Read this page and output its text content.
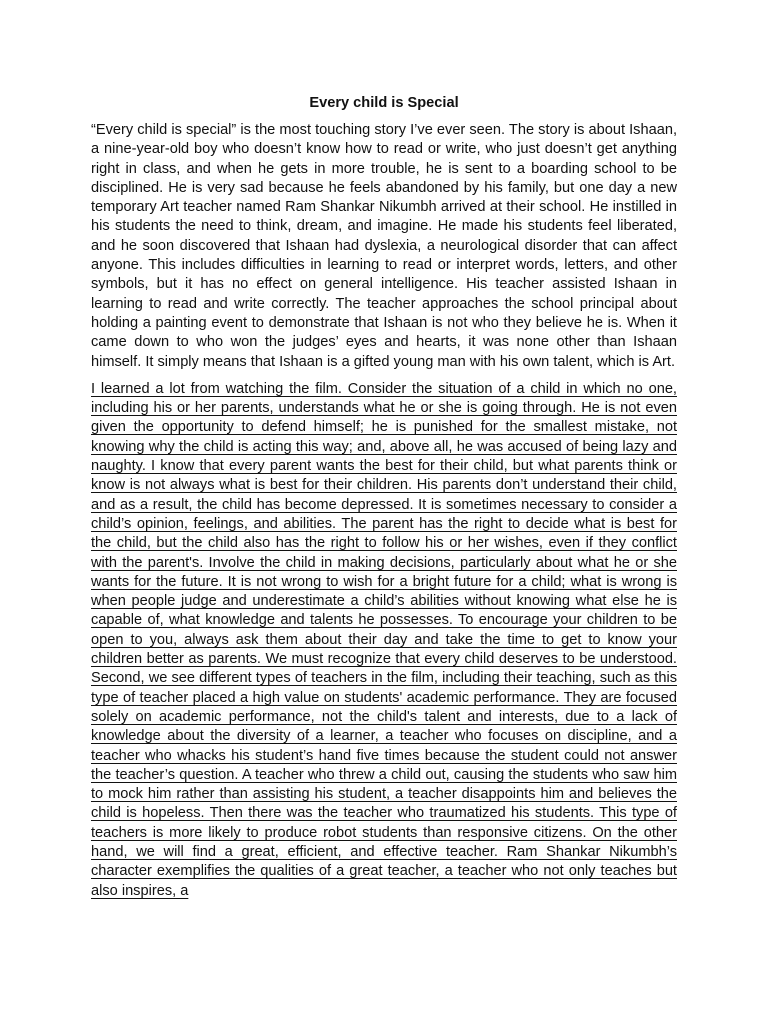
Every child is Special

“Every child is special” is the most touching story I’ve ever seen. The story is about Ishaan, a nine-year-old boy who doesn’t know how to read or write, who just doesn’t get anything right in class, and when he gets in more trouble, he is sent to a boarding school to be disciplined. He is very sad because he feels abandoned by his family, but one day a new temporary Art teacher named Ram Shankar Nikumbh arrived at their school. He instilled in his students the need to think, dream, and imagine. He made his students feel liberated, and he soon discovered that Ishaan had dyslexia, a neurological disorder that can affect anyone. This includes difficulties in learning to read or interpret words, letters, and other symbols, but it has no effect on general intelligence. His teacher assisted Ishaan in learning to read and write correctly. The teacher approaches the school principal about holding a painting event to demonstrate that Ishaan is not who they believe he is. When it came down to who won the judges’ eyes and hearts, it was none other than Ishaan himself. It simply means that Ishaan is a gifted young man with his own talent, which is Art.

I learned a lot from watching the film. Consider the situation of a child in which no one, including his or her parents, understands what he or she is going through. He is not even given the opportunity to defend himself; he is punished for the smallest mistake, not knowing why the child is acting this way; and, above all, he was accused of being lazy and naughty. I know that every parent wants the best for their child, but what parents think or know is not always what is best for their children. His parents don’t understand their child, and as a result, the child has become depressed. It is sometimes necessary to consider a child’s opinion, feelings, and abilities. The parent has the right to decide what is best for the child, but the child also has the right to follow his or her wishes, even if they conflict with the parent's. Involve the child in making decisions, particularly about what he or she wants for the future. It is not wrong to wish for a bright future for a child; what is wrong is when people judge and underestimate a child’s abilities without knowing what else he is capable of, what knowledge and talents he possesses. To encourage your children to be open to you, always ask them about their day and take the time to get to know your children better as parents. We must recognize that every child deserves to be understood. Second, we see different types of teachers in the film, including their teaching, such as this type of teacher placed a high value on students' academic performance. They are focused solely on academic performance, not the child's talent and interests, due to a lack of knowledge about the diversity of a learner, a teacher who focuses on discipline, and a teacher who whacks his student’s hand five times because the student could not answer the teacher’s question. A teacher who threw a child out, causing the students who saw him to mock him rather than assisting his student, a teacher disappoints him and believes the child is hopeless. Then there was the teacher who traumatized his students. This type of teachers is more likely to produce robot students than responsive citizens. On the other hand, we will find a great, efficient, and effective teacher. Ram Shankar Nikumbh’s character exemplifies the qualities of a great teacher, a teacher who not only teaches but also inspires, a
